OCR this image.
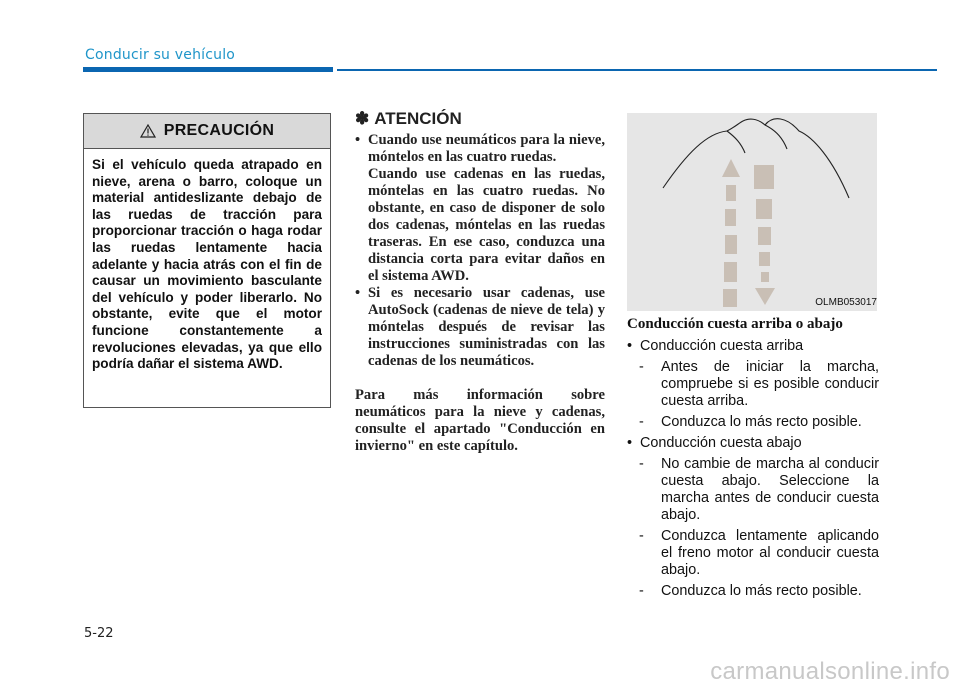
Conducir su vehículo
PRECAUCIÓN
Si el vehículo queda atrapado en nieve, arena o barro, coloque un material antideslizante debajo de las ruedas de tracción para proporcionar tracción o haga rodar las ruedas lentamente hacia adelante y hacia atrás con el fin de causar un movimiento basculante del vehículo y poder liberarlo. No obstante, evite que el motor funcione constantemente a revoluciones elevadas, ya que ello podría dañar el sistema AWD.
✽ ATENCIÓN
• Cuando use neumáticos para la nieve, móntelos en las cuatro ruedas.
Cuando use cadenas en las ruedas, móntelas en las cuatro ruedas. No obstante, en caso de disponer de solo dos cadenas, móntelas en las ruedas traseras. En ese caso, conduzca una distancia corta para evitar daños en el sistema AWD.
• Si es necesario usar cadenas, use AutoSock (cadenas de nieve de tela) y móntelas después de revisar las instrucciones suministradas con las cadenas de los neumáticos.
Para más información sobre neumáticos para la nieve y cadenas, consulte el apartado "Conducción en invierno" en este capítulo.
OLMB053017
Conducción cuesta arriba o abajo
• Conducción cuesta arriba
- Antes de iniciar la marcha, compruebe si es posible conducir cuesta arriba.
- Conduzca lo más recto posible.
• Conducción cuesta abajo
- No cambie de marcha al conducir cuesta abajo. Seleccione la marcha antes de conducir cuesta abajo.
- Conduzca lentamente aplicando el freno motor al conducir cuesta abajo.
- Conduzca lo más recto posible.
5-22
carmanualsonline.info
